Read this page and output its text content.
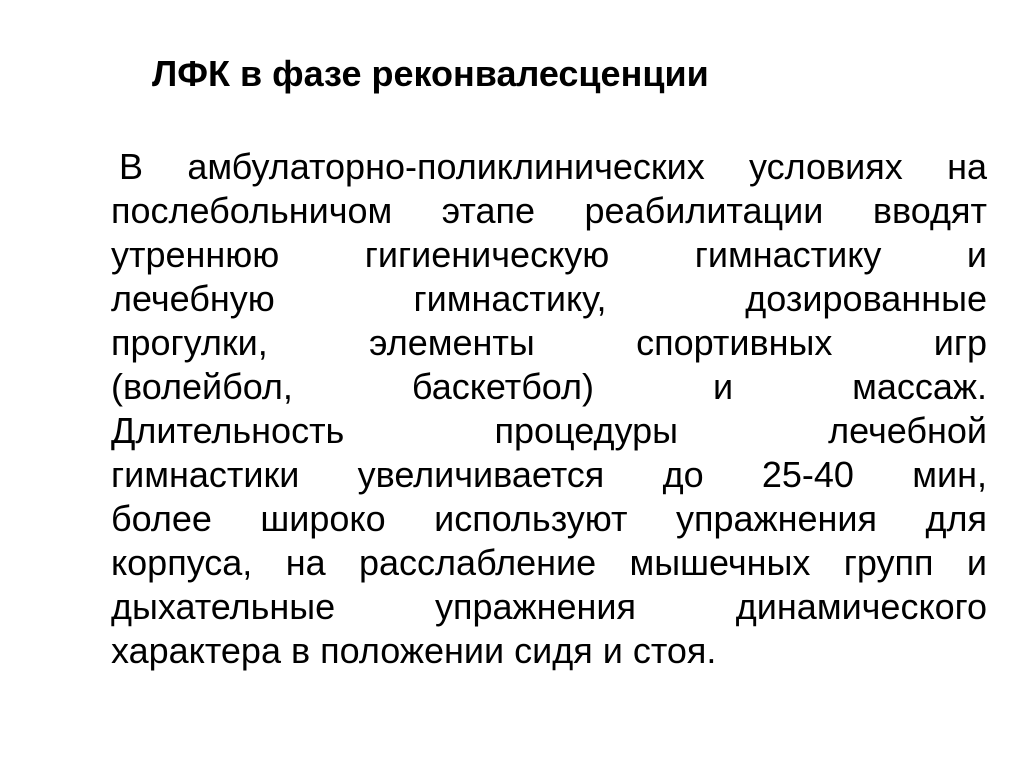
ЛФК в фазе реконвалесценции
В амбулаторно-поликлинических условиях на
послебольничом этапе реабилитации вводят
утреннюю гигиеническую гимнастику и
лечебную	гимнастику,	дозированные
прогулки,	элементы	спортивных	игр
(волейбол,	баскетбол)	и	массаж.
Длительность	процедуры	лечебной
гимнастики увеличивается до 25-40 мин,
более широко используют упражнения для
корпуса, на расслабление мышечных групп и
дыхательные	упражнения	динамического
характера в положении сидя и стоя.
